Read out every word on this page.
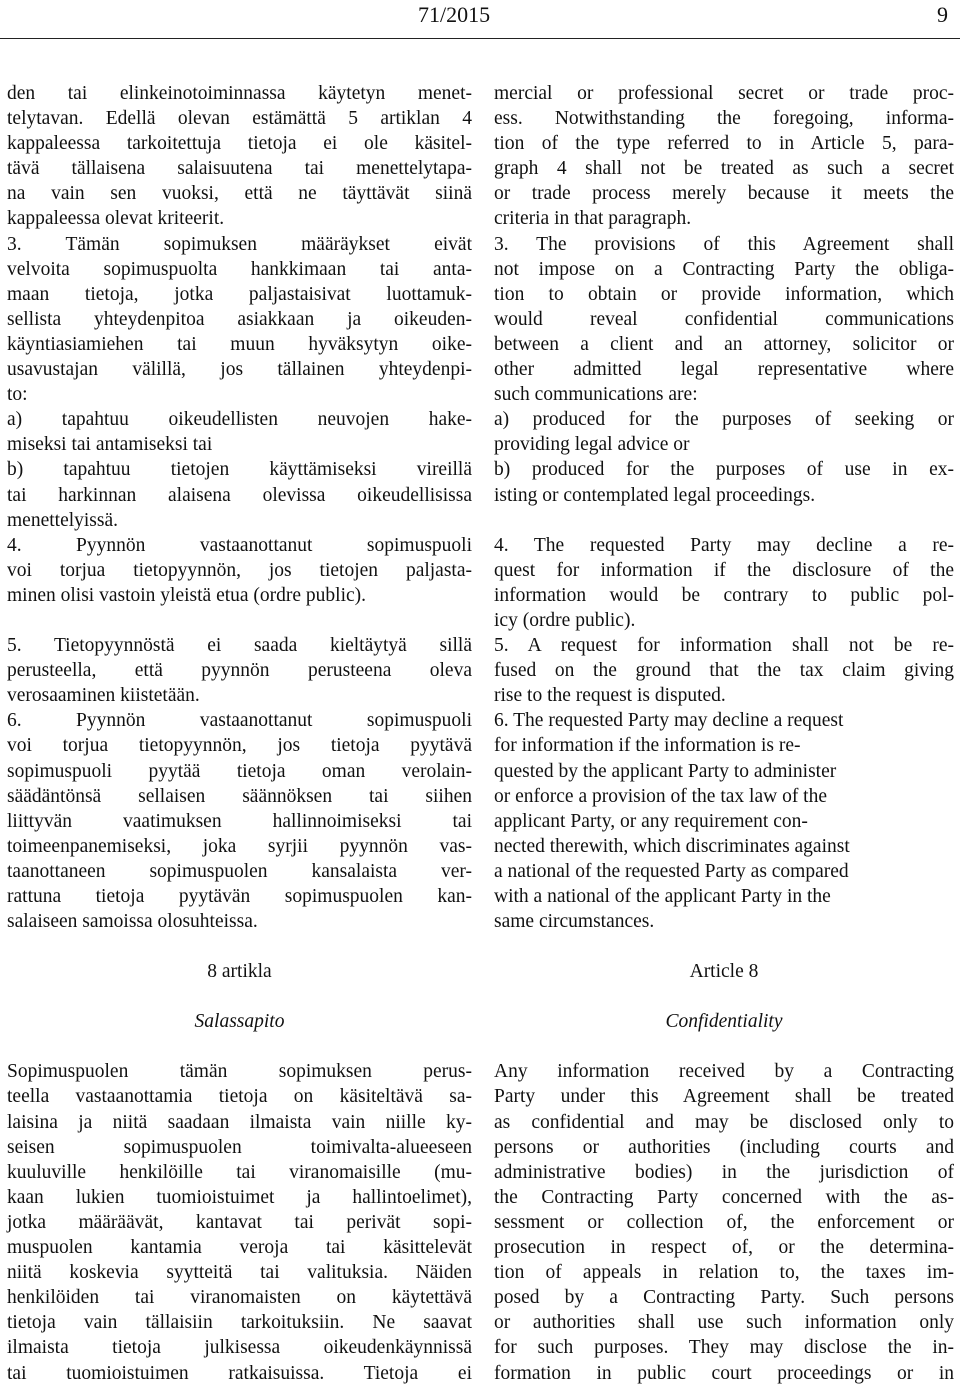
71/2015	9
den tai elinkeinotoiminnassa käytetyn menet-
telytavan. Edellä olevan estämättä 5 artiklan 4
kappaleessa tarkoitettuja tietoja ei ole käsitel-
tävä tällaisena salaisuutena tai menettelytapa-
na vain sen vuoksi, että ne täyttävät siinä
kappaleessa olevat kriteerit.
3. Tämän sopimuksen määräykset eivät
velvoita sopimuspuolta hankkimaan tai anta-
maan tietoja, jotka paljastaisivat luottamuk-
sellista yhteydenpitoa asiakkaan ja oikeuden-
käyntiasiamiehen tai muun hyväksytyn oike-
usavustajan välillä, jos tällainen yhteydenpi-
to:
a) tapahtuu oikeudellisten neuvojen hake-
miseksi tai antamiseksi tai
b) tapahtuu tietojen käyttämiseksi vireillä
tai harkinnan alaisena olevissa oikeudellisissa
menettelyissä.
4. Pyynnön vastaanottanut sopimuspuoli
voi torjua tietopyynnön, jos tietojen paljasta-
minen olisi vastoin yleistä etua (ordre public).
5. Tietopyynnöstä ei saada kieltäytyä sillä
perusteella, että pyynnön perusteena oleva
verosaaminen kiistetään.
6. Pyynnön vastaanottanut sopimuspuoli
voi torjua tietopyynnön, jos tietoja pyytävä
sopimuspuoli pyytää tietoja oman verolain-
säädäntönsä sellaisen säännöksen tai siihen
liittyvän vaatimuksen hallinnoimiseksi tai
toimeenpanemiseksi, joka syrjii pyynnön vas-
taanottaneen sopimuspuolen kansalaista ver-
rattuna tietoja pyytävän sopimuspuolen kan-
salaiseen samoissa olosuhteissa.
8 artikla
Salassapito
Sopimuspuolen tämän sopimuksen perus-
teella vastaanottamia tietoja on käsiteltävä sa-
laisina ja niitä saadaan ilmaista vain niille ky-
seisen sopimuspuolen toimivalta-alueeseen
kuuluville henkilöille tai viranomaisille (mu-
kaan lukien tuomioistuimet ja hallintoelimet),
jotka määräävät, kantavat tai perivät sopi-
muspuolen kantamia veroja tai käsittelevät
niitä koskevia syytteitä tai valituksia. Näiden
henkilöiden tai viranomaisten on käytettävä
tietoja vain tällaisiin tarkoituksiin. Ne saavat
ilmaista tietoja julkisessa oikeudenkäynnissä
tai tuomioistuimen ratkaisuissa. Tietoja ei
mercial or professional secret or trade proc-
ess. Notwithstanding the foregoing, informa-
tion of the type referred to in Article 5, para-
graph 4 shall not be treated as such a secret
or trade process merely because it meets the
criteria in that paragraph.
3. The provisions of this Agreement shall
not impose on a Contracting Party the obliga-
tion to obtain or provide information, which
would reveal confidential communications
between a client and an attorney, solicitor or
other admitted legal representative where
such communications are:
a) produced for the purposes of seeking or
providing legal advice or
b) produced for the purposes of use in ex-
isting or contemplated legal proceedings.
4. The requested Party may decline a re-
quest for information if the disclosure of the
information would be contrary to public pol-
icy (ordre public).
5. A request for information shall not be re-
fused on the ground that the tax claim giving
rise to the request is disputed.
6. The requested Party may decline a request
for information if the information is re-
quested by the applicant Party to administer
or enforce a provision of the tax law of the
applicant Party, or any requirement con-
nected therewith, which discriminates against
a national of the requested Party as compared
with a national of the applicant Party in the
same circumstances.
Article 8
Confidentiality
Any information received by a Contracting
Party under this Agreement shall be treated
as confidential and may be disclosed only to
persons or authorities (including courts and
administrative bodies) in the jurisdiction of
the Contracting Party concerned with the as-
sessment or collection of, the enforcement or
prosecution in respect of, or the determina-
tion of appeals in relation to, the taxes im-
posed by a Contracting Party. Such persons
or authorities shall use such information only
for such purposes. They may disclose the in-
formation in public court proceedings or in
